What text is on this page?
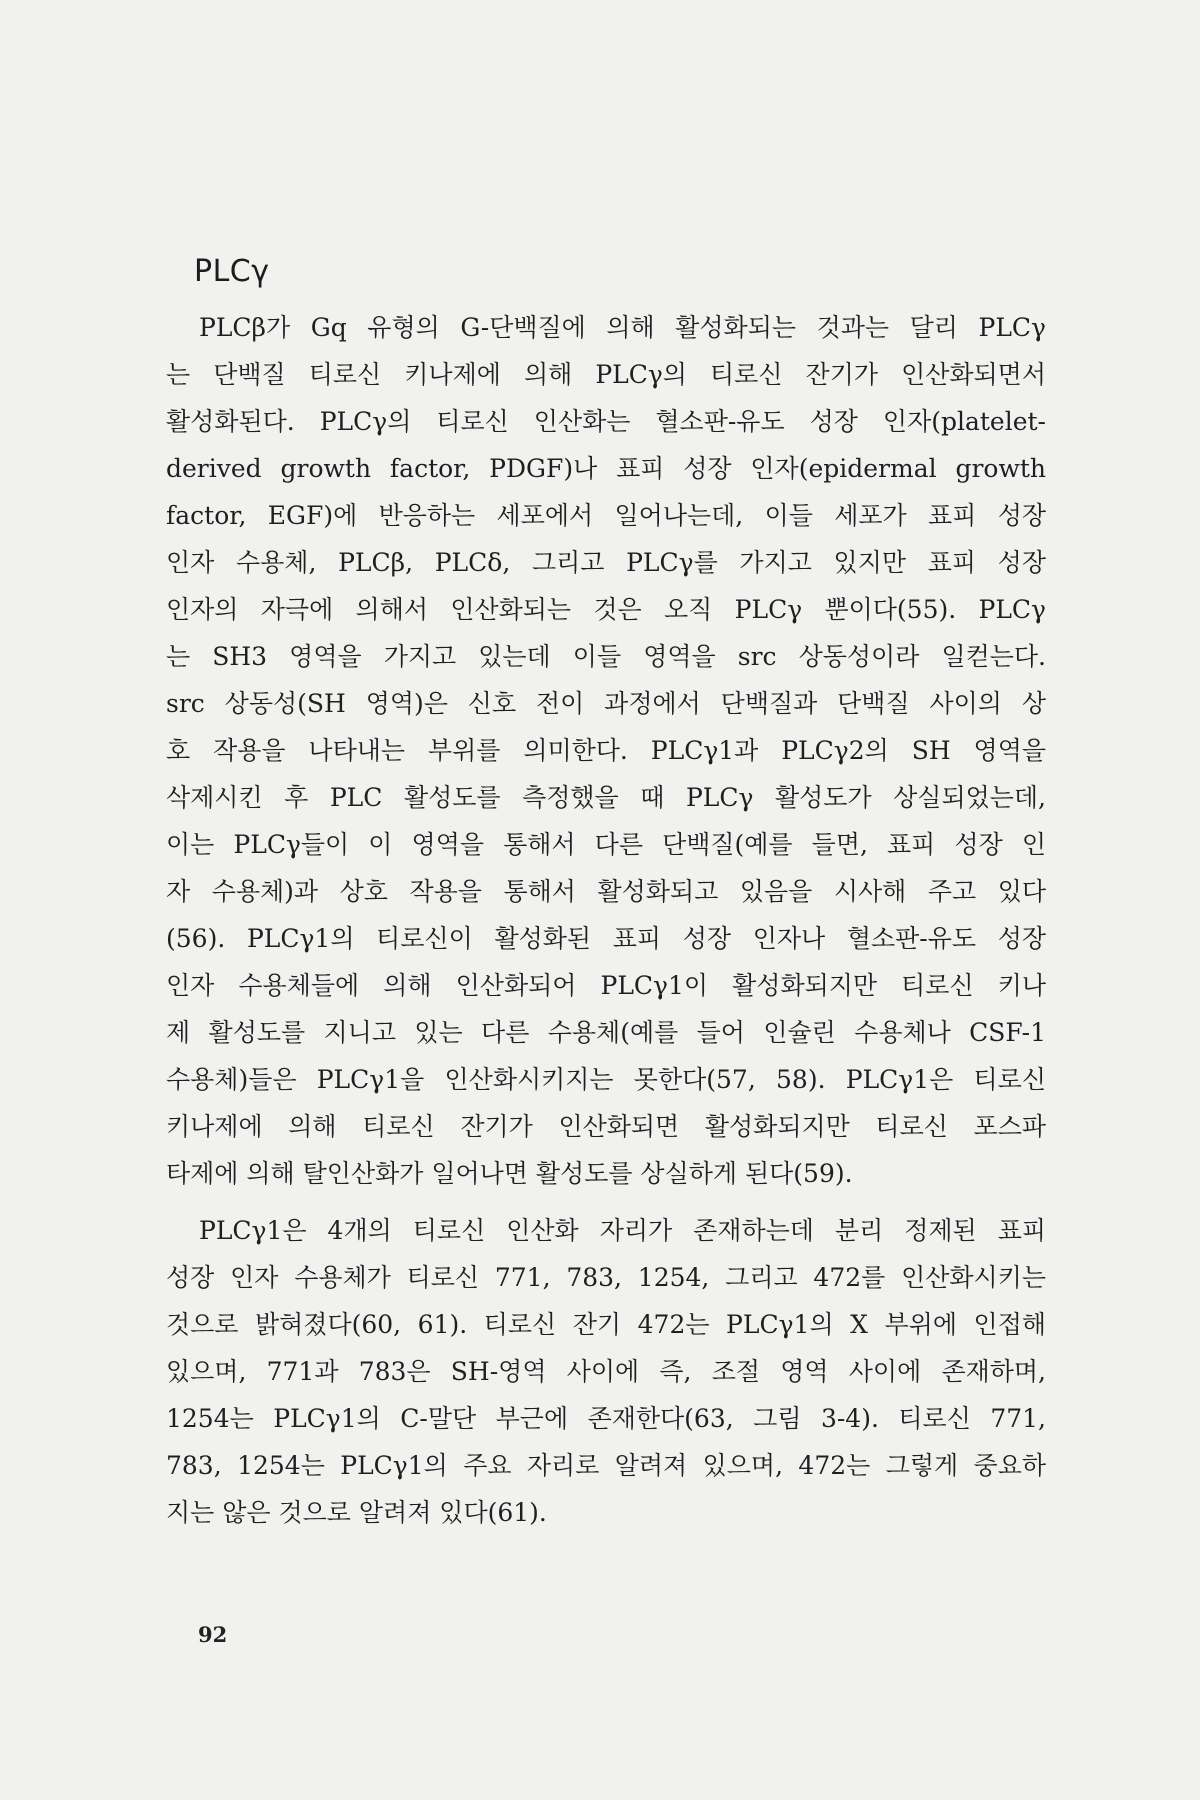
PLCγ
PLCβ가 Gq 유형의 G-단백질에 의해 활성화되는 것과는 달리 PLCγ
는 단백질 티로신 키나제에 의해 PLCγ의 티로신 잔기가 인산화되면서
활성화된다. PLCγ의 티로신 인산화는 혈소판-유도 성장 인자(platelet-
derived growth factor, PDGF)나 표피 성장 인자(epidermal growth
factor, EGF)에 반응하는 세포에서 일어나는데, 이들 세포가 표피 성장
인자 수용체, PLCβ, PLCδ, 그리고 PLCγ를 가지고 있지만 표피 성장
인자의 자극에 의해서 인산화되는 것은 오직 PLCγ 뿐이다(55). PLCγ
는 SH3 영역을 가지고 있는데 이들 영역을 src 상동성이라 일컫는다.
src 상동성(SH 영역)은 신호 전이 과정에서 단백질과 단백질 사이의 상
호 작용을 나타내는 부위를 의미한다. PLCγ1과 PLCγ2의 SH 영역을
삭제시킨 후 PLC 활성도를 측정했을 때 PLCγ 활성도가 상실되었는데,
이는 PLCγ들이 이 영역을 통해서 다른 단백질(예를 들면, 표피 성장 인
자 수용체)과 상호 작용을 통해서 활성화되고 있음을 시사해 주고 있다
(56). PLCγ1의 티로신이 활성화된 표피 성장 인자나 혈소판-유도 성장
인자 수용체들에 의해 인산화되어 PLCγ1이 활성화되지만 티로신 키나
제 활성도를 지니고 있는 다른 수용체(예를 들어 인슐린 수용체나 CSF-1
수용체)들은 PLCγ1을 인산화시키지는 못한다(57, 58). PLCγ1은 티로신
키나제에 의해 티로신 잔기가 인산화되면 활성화되지만 티로신 포스파
타제에 의해 탈인산화가 일어나면 활성도를 상실하게 된다(59).
PLCγ1은 4개의 티로신 인산화 자리가 존재하는데 분리 정제된 표피
성장 인자 수용체가 티로신 771, 783, 1254, 그리고 472를 인산화시키는
것으로 밝혀졌다(60, 61). 티로신 잔기 472는 PLCγ1의 X 부위에 인접해
있으며, 771과 783은 SH-영역 사이에 즉, 조절 영역 사이에 존재하며,
1254는 PLCγ1의 C-말단 부근에 존재한다(63, 그림 3-4). 티로신 771,
783, 1254는 PLCγ1의 주요 자리로 알려져 있으며, 472는 그렇게 중요하
지는 않은 것으로 알려져 있다(61).
92
